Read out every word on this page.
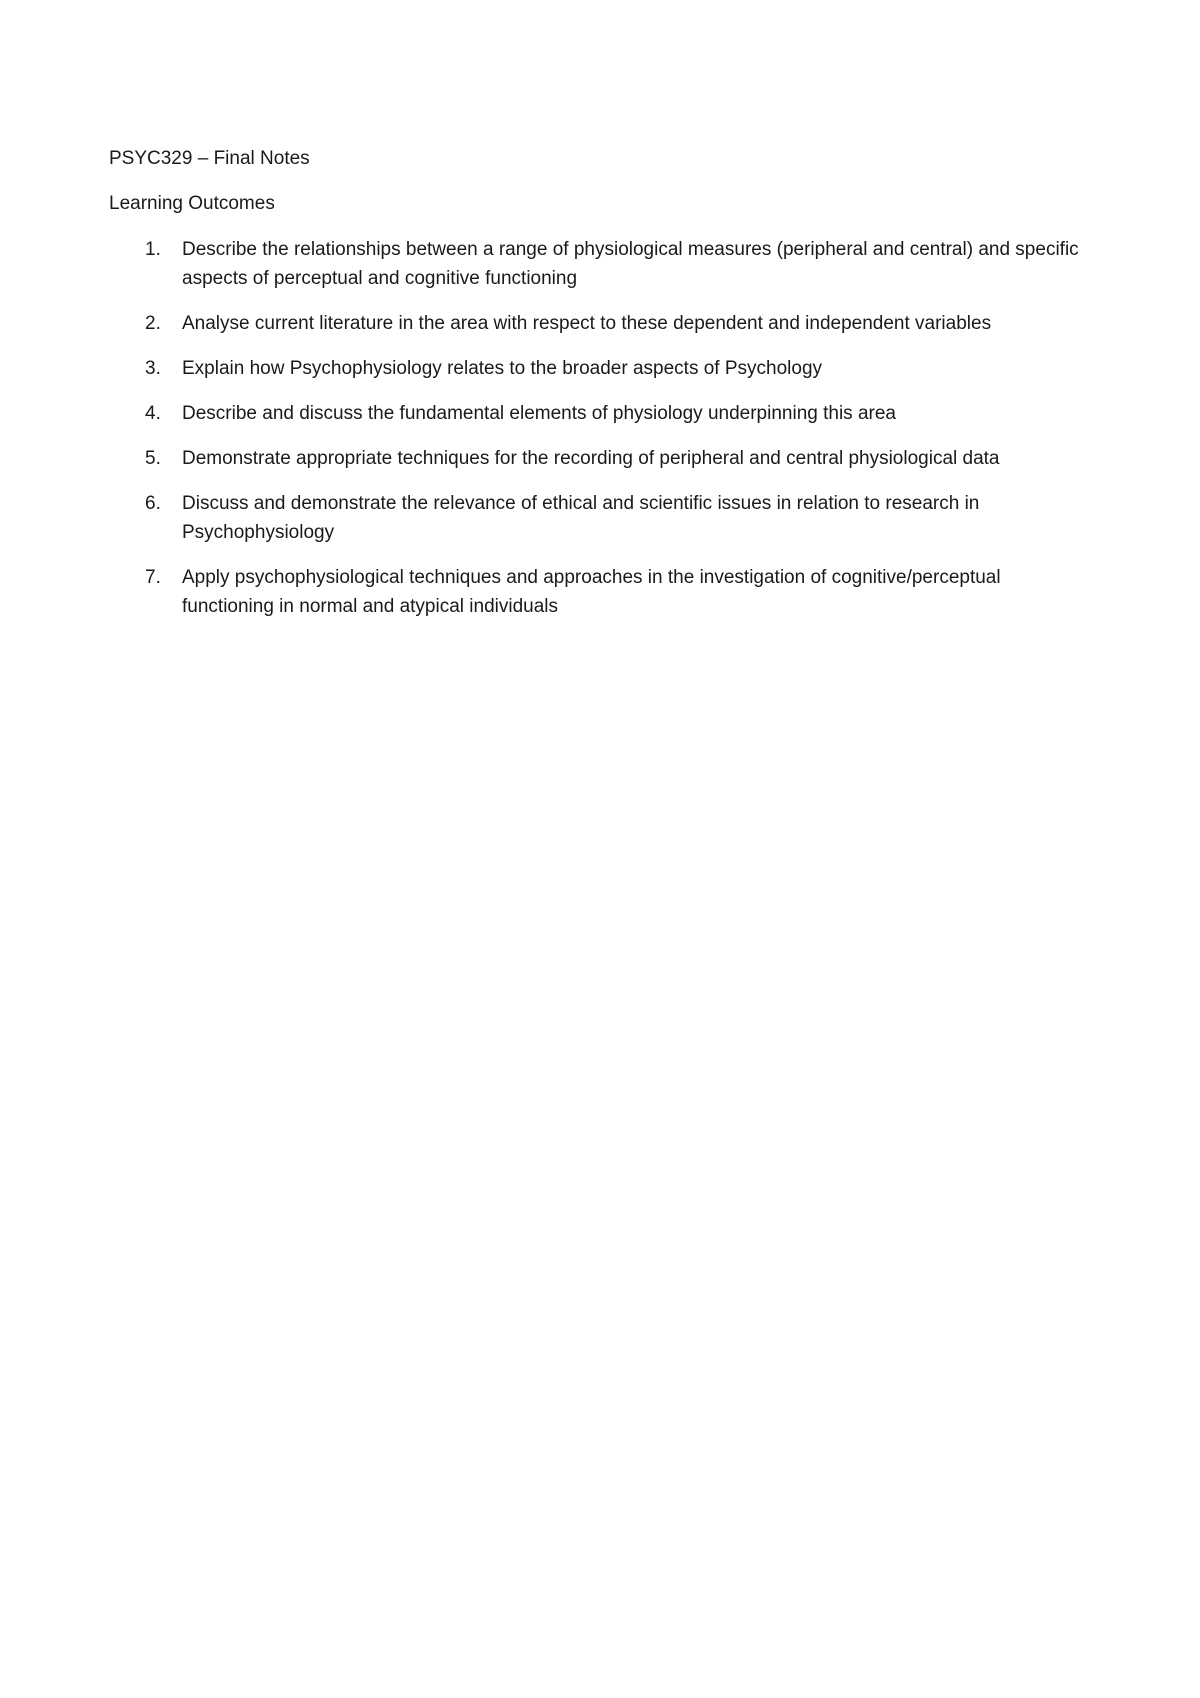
PSYC329 – Final Notes

Learning Outcomes

1.	Describe the relationships between a range of physiological measures (peripheral and central) and specific aspects of perceptual and cognitive functioning
2.	Analyse current literature in the area with respect to these dependent and independent variables
3.	Explain how Psychophysiology relates to the broader aspects of Psychology
4.	Describe and discuss the fundamental elements of physiology underpinning this area
5.	Demonstrate appropriate techniques for the recording of peripheral and central physiological data
6.	Discuss and demonstrate the relevance of ethical and scientific issues in relation to research in Psychophysiology
7.	Apply psychophysiological techniques and approaches in the investigation of cognitive/perceptual functioning in normal and atypical individuals
